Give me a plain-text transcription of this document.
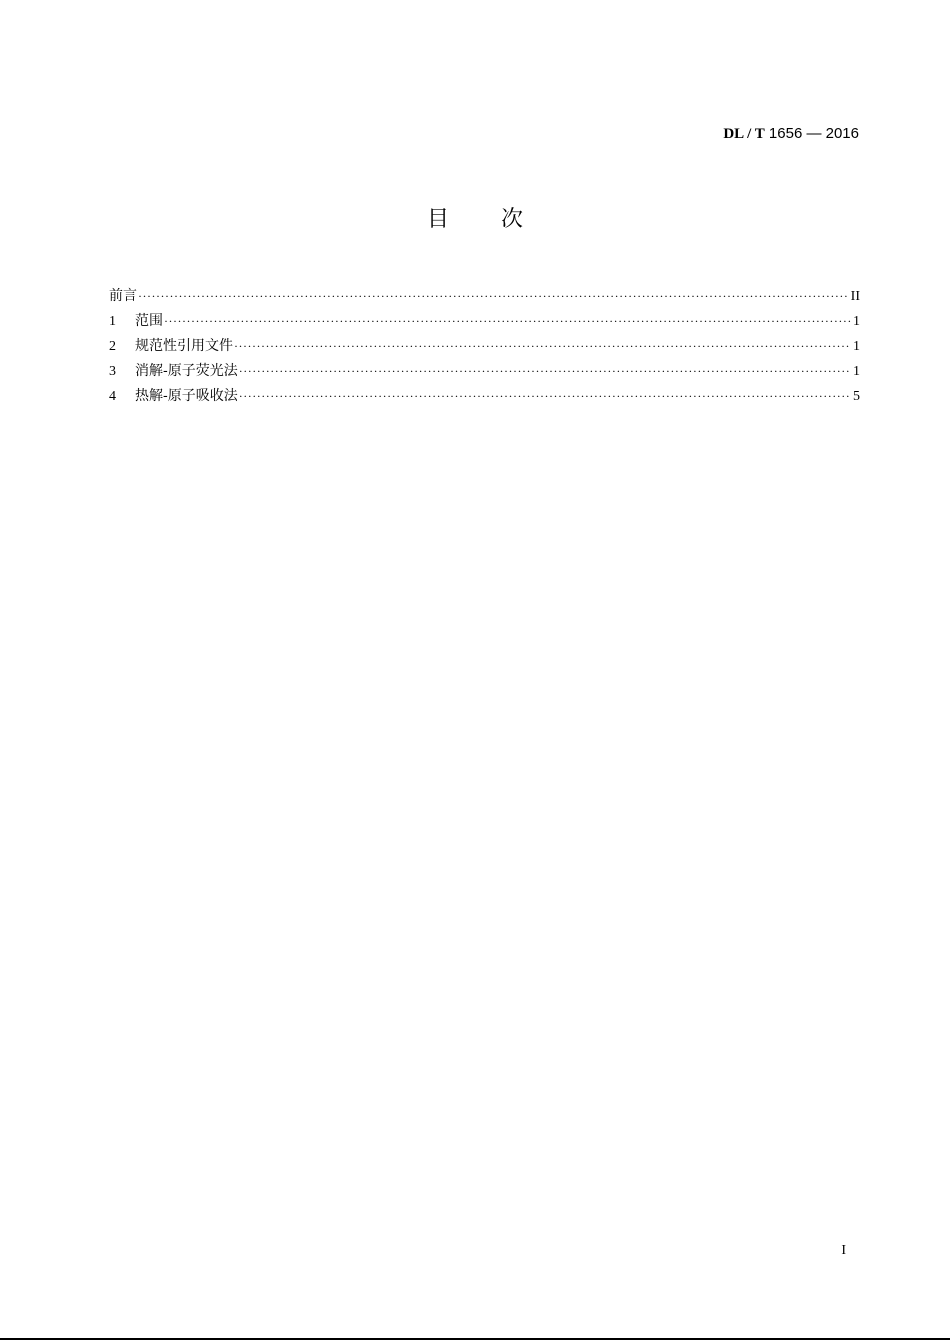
DL / T 1656 — 2016
目次
前言 ·····	II
1	范围 ·····	1
2	规范性引用文件 ·····	1
3	消解-原子荧光法 ·····	1
4	热解-原子吸收法 ·····	5
I
